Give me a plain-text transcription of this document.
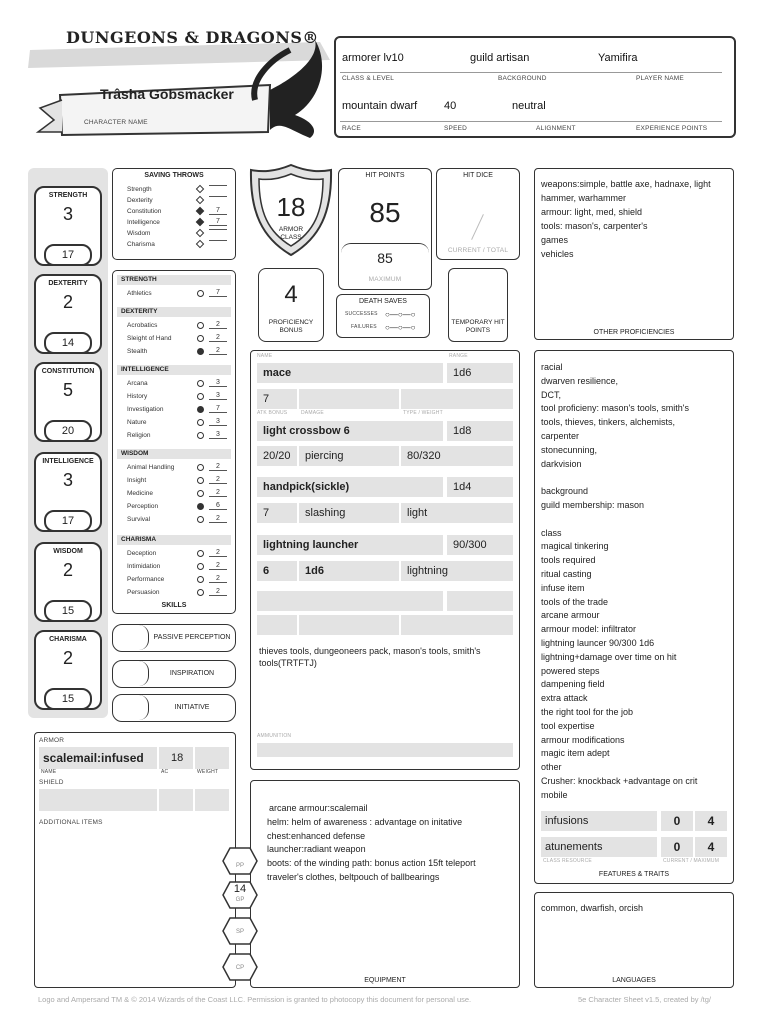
DUNGEONS & DRAGONS®
Trâsha Gobsmacker
CHARACTER NAME
armorer lv10	guild artisan	Yamifira
CLASS & LEVEL	BACKGROUND	PLAYER NAME
mountain dwarf 40	neutral
RACE	SPEED	ALIGNMENT	EXPERIENCE POINTS
STRENGTH
3
17
DEXTERITY
2
14
CONSTITUTION
5
20
INTELLIGENCE
3
17
WISDOM
2
15
CHARISMA
2
15
SAVING THROWS
Strength
Dexterity
Constitution	7
Intelligence	7
Wisdom
Charisma
STRENGTH
Athletics	7
DEXTERITY
Acrobatics	2
Sleight of Hand	2
Stealth	2
INTELLIGENCE
Arcana	3
History	3
Investigation	7
Nature	3
Religion	3
WISDOM
Animal Handling	2
Insight	2
Medicine	2
Perception	6
Survival	2
CHARISMA
Deception	2
Intimidation	2
Performance	2
Persuasion	2
SKILLS
PASSIVE PERCEPTION
INSPIRATION
INITIATIVE
ARMOR
scalemail:infused	18
NAME	AC	WEIGHT
SHIELD
ADDITIONAL ITEMS
18
ARMOR CLASS
HIT POINTS
85
85
MAXIMUM
HIT DICE
CURRENT / TOTAL
4
PROFICIENCY BONUS
DEATH SAVES
SUCCESSES ○—○—○
FAILURES ○—○—○
TEMPORARY HIT POINTS
NAME	RANGE
mace	1d6
7
ATK BONUS	DAMAGE	TYPE / WEIGHT
light crossbow 6	1d8
20/20	piercing	80/320
handpick(sickle)	1d4
7	slashing	light
lightning launcher	90/300
6	1d6	lightning
thieves tools, dungeoneers pack, mason's tools, smith's tools(TRTFTJ)
AMMUNITION
arcane armour:scalemail
helm: helm of awareness : advantage on initative
chest:enhanced defense
launcher:radiant weapon
boots: of the winding path: bonus action 15ft teleport
traveler's clothes, beltpouch of ballbearings
EQUIPMENT
PP
GP
14
SP
CP
weapons:simple, battle axe, hadnaxe, light
hammer, warhammer
armour: light, med, shield
tools: mason's, carpenter's
games
vehicles
OTHER PROFICIENCIES
racial
dwarven resilience,
DCT,
tool proficieny: mason's tools, smith's
tools, thieves, tinkers, alchemists,
carpenter
stonecunning,
darkvision
background
guild membership: mason
class
magical tinkering
tools required
ritual casting
infuse item
tools of the trade
arcane armour
armour model: infiltrator
lightning launcer 90/300 1d6
lightning+damage over time on hit
powered steps
dampening field
extra attack
the right tool for the job
tool expertise
armour modifications
magic item adept
other
Crusher: knockback +advantage on crit
mobile
infusions	0	4
atunements	0	4
CLASS RESOURCE	CURRENT / MAXIMUM
FEATURES & TRAITS
common, dwarfish, orcish
LANGUAGES
Logo and Ampersand TM & © 2014 Wizards of the Coast LLC. Permission is granted to photocopy this document for personal use.	5e Character Sheet v1.5, created by /tg/
